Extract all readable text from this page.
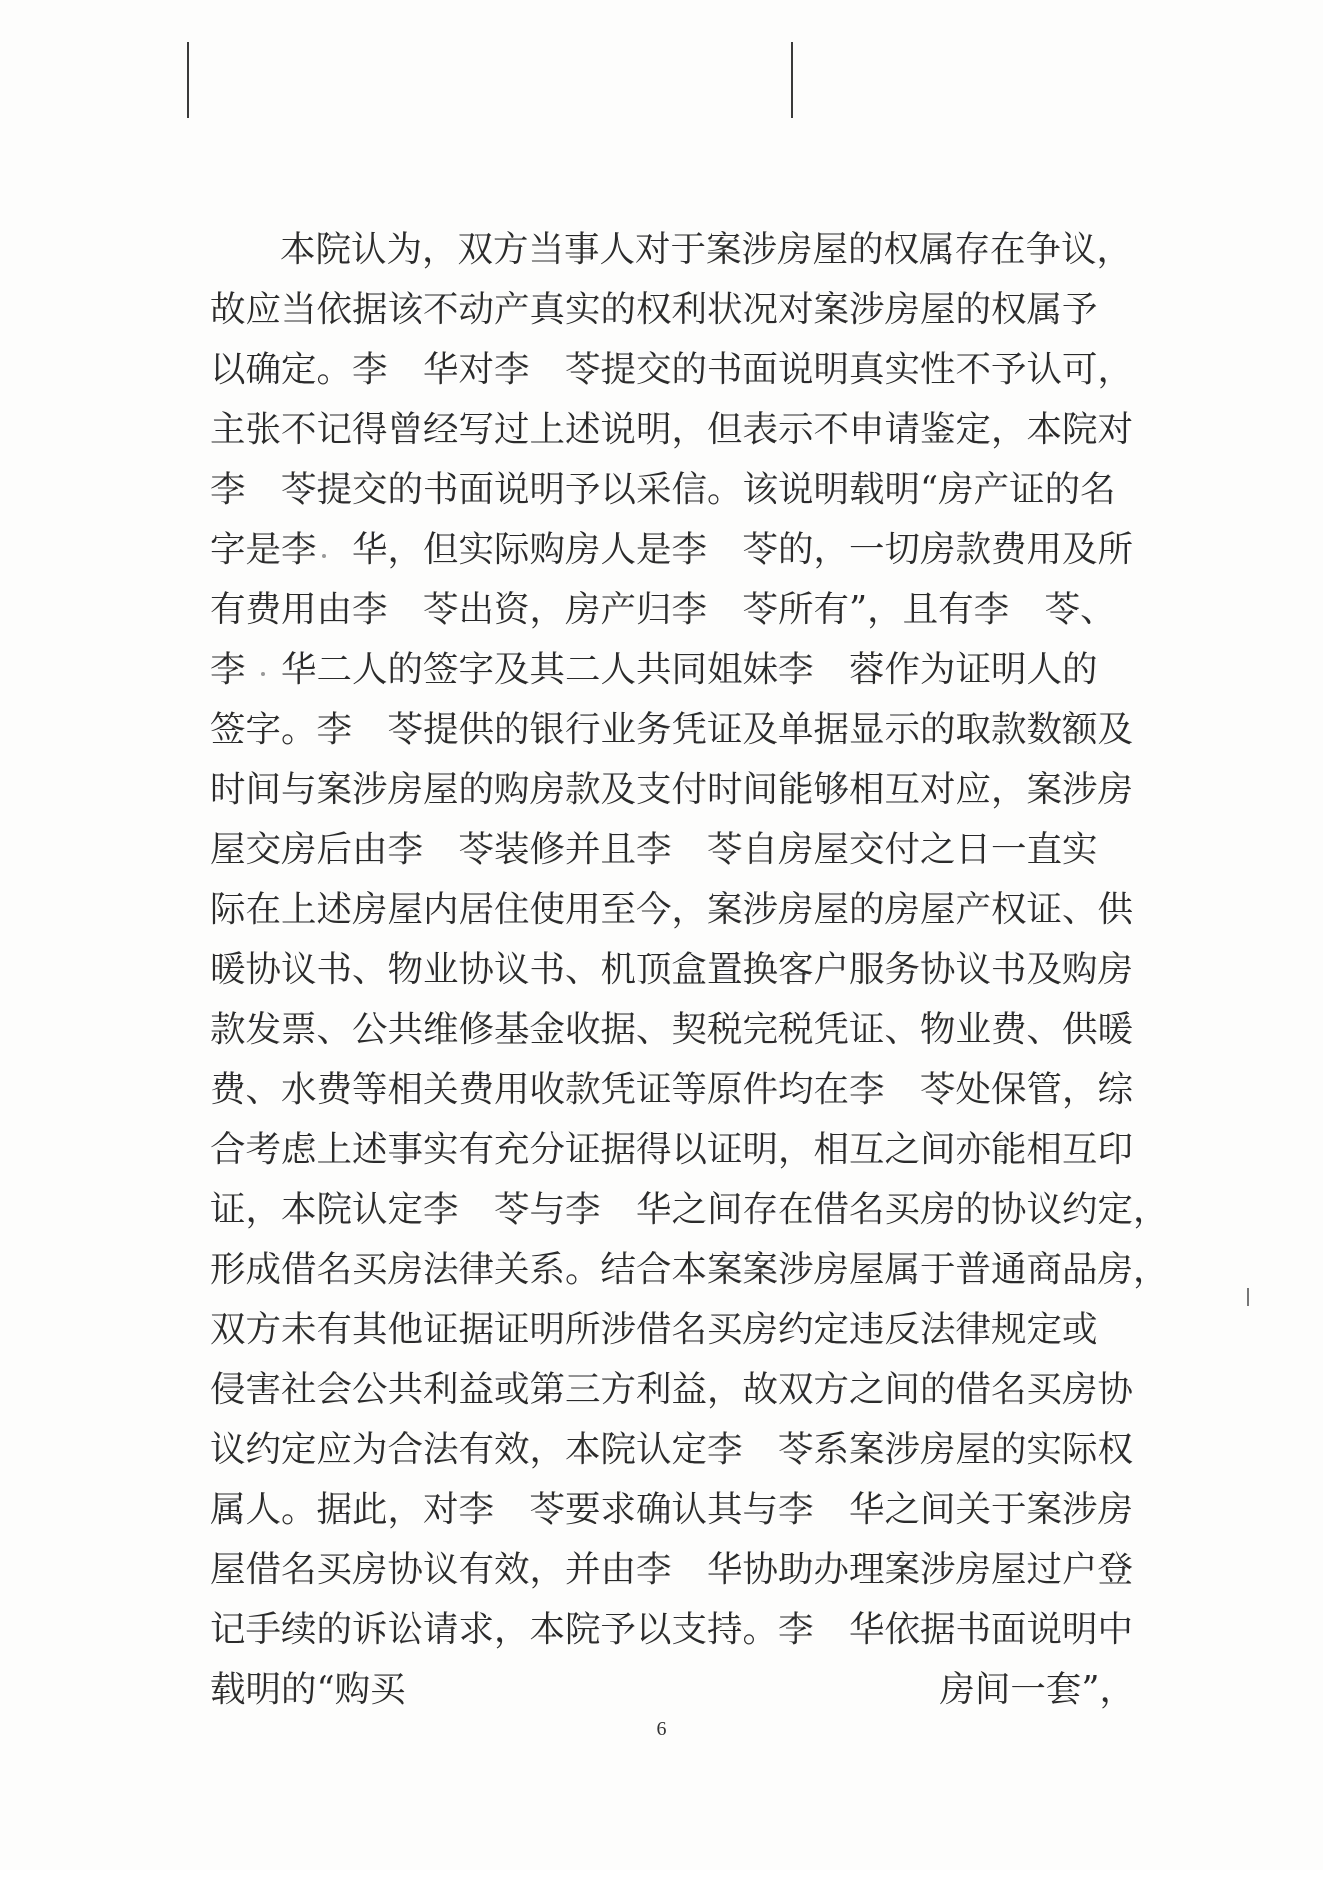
本院认为，双方当事人对于案涉房屋的权属存在争议，
故应当依据该不动产真实的权利状况对案涉房屋的权属予
以确定。李　华对李　苓提交的书面说明真实性不予认可，
主张不记得曾经写过上述说明，但表示不申请鉴定，本院对
李　苓提交的书面说明予以采信。该说明载明“房产证的名
字是李　华，但实际购房人是李　苓的，一切房款费用及所
有费用由李　苓出资，房产归李　苓所有”，且有李　苓、
李　华二人的签字及其二人共同姐妹李　蓉作为证明人的
签字。李　苓提供的银行业务凭证及单据显示的取款数额及
时间与案涉房屋的购房款及支付时间能够相互对应，案涉房
屋交房后由李　苓装修并且李　苓自房屋交付之日一直实
际在上述房屋内居住使用至今，案涉房屋的房屋产权证、供
暖协议书、物业协议书、机顶盒置换客户服务协议书及购房
款发票、公共维修基金收据、契税完税凭证、物业费、供暖
费、水费等相关费用收款凭证等原件均在李　苓处保管，综
合考虑上述事实有充分证据得以证明，相互之间亦能相互印
证，本院认定李　苓与李　华之间存在借名买房的协议约定，
形成借名买房法律关系。结合本案案涉房屋属于普通商品房，
双方未有其他证据证明所涉借名买房约定违反法律规定或
侵害社会公共利益或第三方利益，故双方之间的借名买房协
议约定应为合法有效，本院认定李　苓系案涉房屋的实际权
属人。据此，对李　苓要求确认其与李　华之间关于案涉房
屋借名买房协议有效，并由李　华协助办理案涉房屋过户登
记手续的诉讼请求，本院予以支持。李　华依据书面说明中

载明的“购买

	房间一套”，

6
